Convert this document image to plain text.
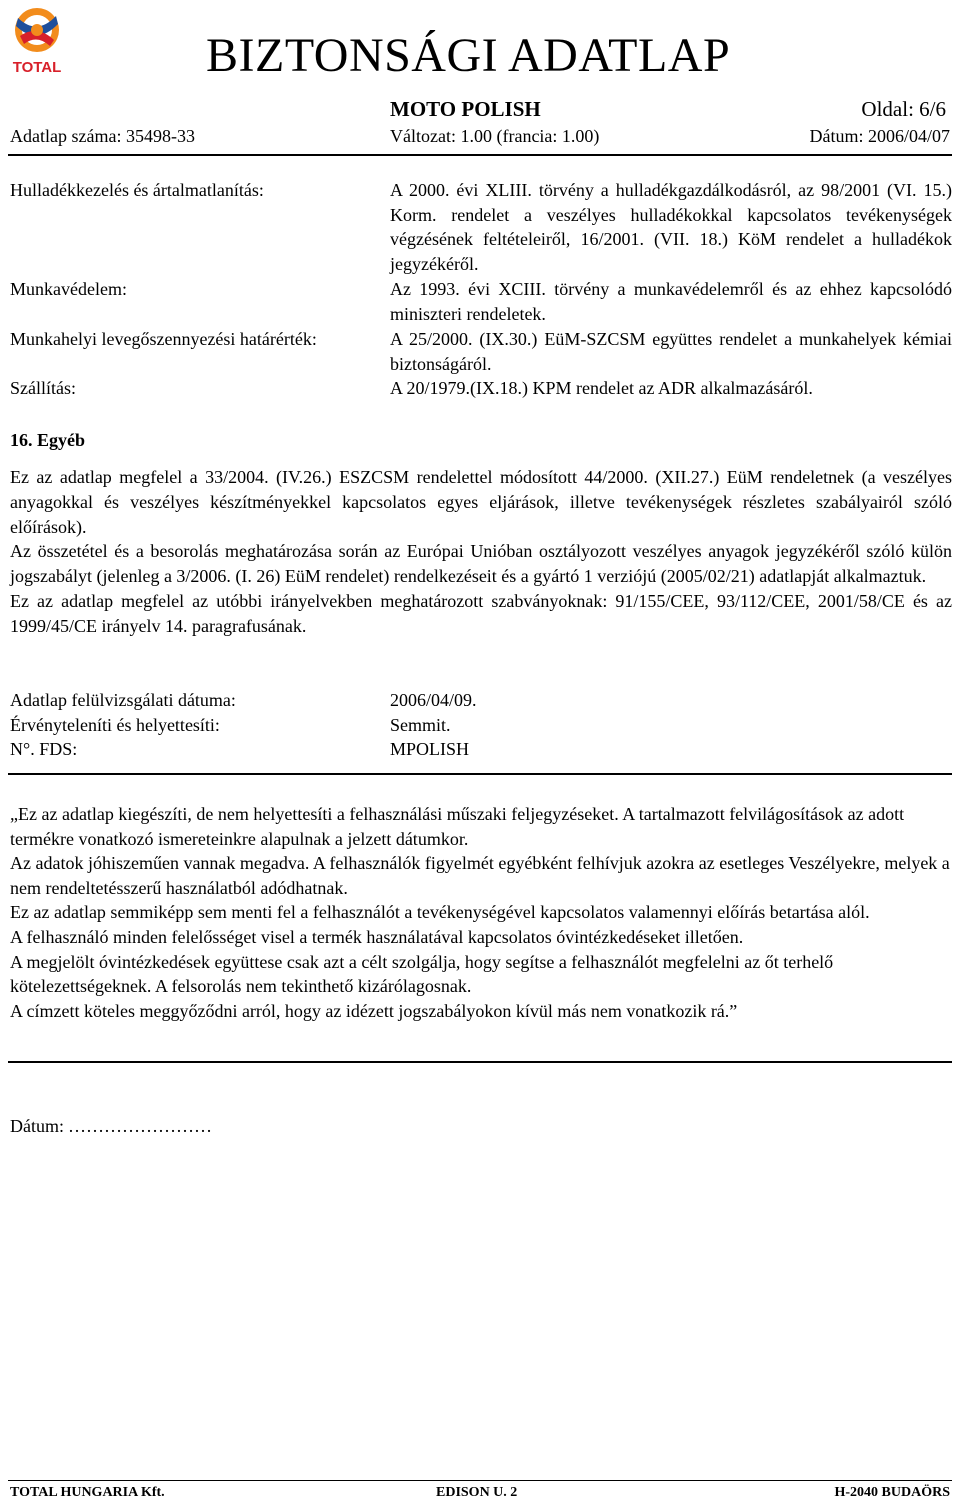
TOTAL	BIZTONSÁGI ADATLAP
MOTO POLISH	Oldal: 6/6
Adatlap száma: 35498-33	Változat: 1.00 (francia: 1.00)	Dátum: 2006/04/07
Hulladékkezelés és ártalmatlanítás:	A 2000. évi XLIII. törvény a hulladékgazdálkodásról, az 98/2001 (VI. 15.) Korm. rendelet a veszélyes hulladékokkal kapcsolatos tevékenységek végzésének feltételeiről, 16/2001. (VII. 18.) KöM rendelet a hulladékok jegyzékéről.
Munkavédelem:	Az 1993. évi XCIII. törvény a munkavédelemről és az ehhez kapcsolódó miniszteri rendeletek.
Munkahelyi levegőszennyezési határérték:	A 25/2000. (IX.30.) EüM-SZCSM együttes rendelet a munkahelyek kémiai biztonságáról.
Szállítás:	A 20/1979.(IX.18.) KPM rendelet az ADR alkalmazásáról.
16. Egyéb

Ez az adatlap megfelel a 33/2004. (IV.26.) ESZCSM rendelettel módosított 44/2000. (XII.27.) EüM rendeletnek (a veszélyes anyagokkal és veszélyes készítményekkel kapcsolatos egyes eljárások, illetve tevékenységek részletes szabályairól szóló előírások).

Az összetétel és a besorolás meghatározása során az Európai Unióban osztályozott veszélyes anyagok jegyzékéről szóló külön jogszabályt (jelenleg a 3/2006. (I. 26) EüM rendelet) rendelkezéseit és a gyártó 1 verziójú (2005/02/21) adatlapját alkalmaztuk.

Ez az adatlap megfelel az utóbbi irányelvekben meghatározott szabványoknak: 91/155/CEE, 93/112/CEE, 2001/58/CE és az 1999/45/CE irányelv 14. paragrafusának.

Adatlap felülvizsgálati dátuma:	2006/04/09.
Érvényteleníti és helyettesíti:	Semmit.
N°. FDS:	MPOLISH

„Ez az adatlap kiegészíti, de nem helyettesíti a felhasználási műszaki feljegyzéseket. A tartalmazott felvilágosítások az adott termékre vonatkozó ismereteinkre alapulnak a jelzett dátumkor.

Az adatok jóhiszeműen vannak megadva. A felhasználók figyelmét egyébként felhívjuk azokra az esetleges Veszélyekre, melyek a nem rendeltetésszerű használatból adódhatnak.

Ez az adatlap semmiképp sem menti fel a felhasználót a tevékenységével kapcsolatos valamennyi előírás betartása alól.

A felhasználó minden felelősséget visel a termék használatával kapcsolatos óvintézkedéseket illetően.

A megjelölt óvintézkedések együttese csak azt a célt szolgálja, hogy segítse a felhasználót megfelelni az őt terhelő kötelezettségeknek. A felsorolás nem tekinthető kizárólagosnak.

A címzett köteles meggyőződni arról, hogy az idézett jogszabályokon kívül más nem vonatkozik rá.”

Dátum: ……………………
TOTAL HUNGARIA Kft.	EDISON U. 2	H-2040 BUDAÖRS
